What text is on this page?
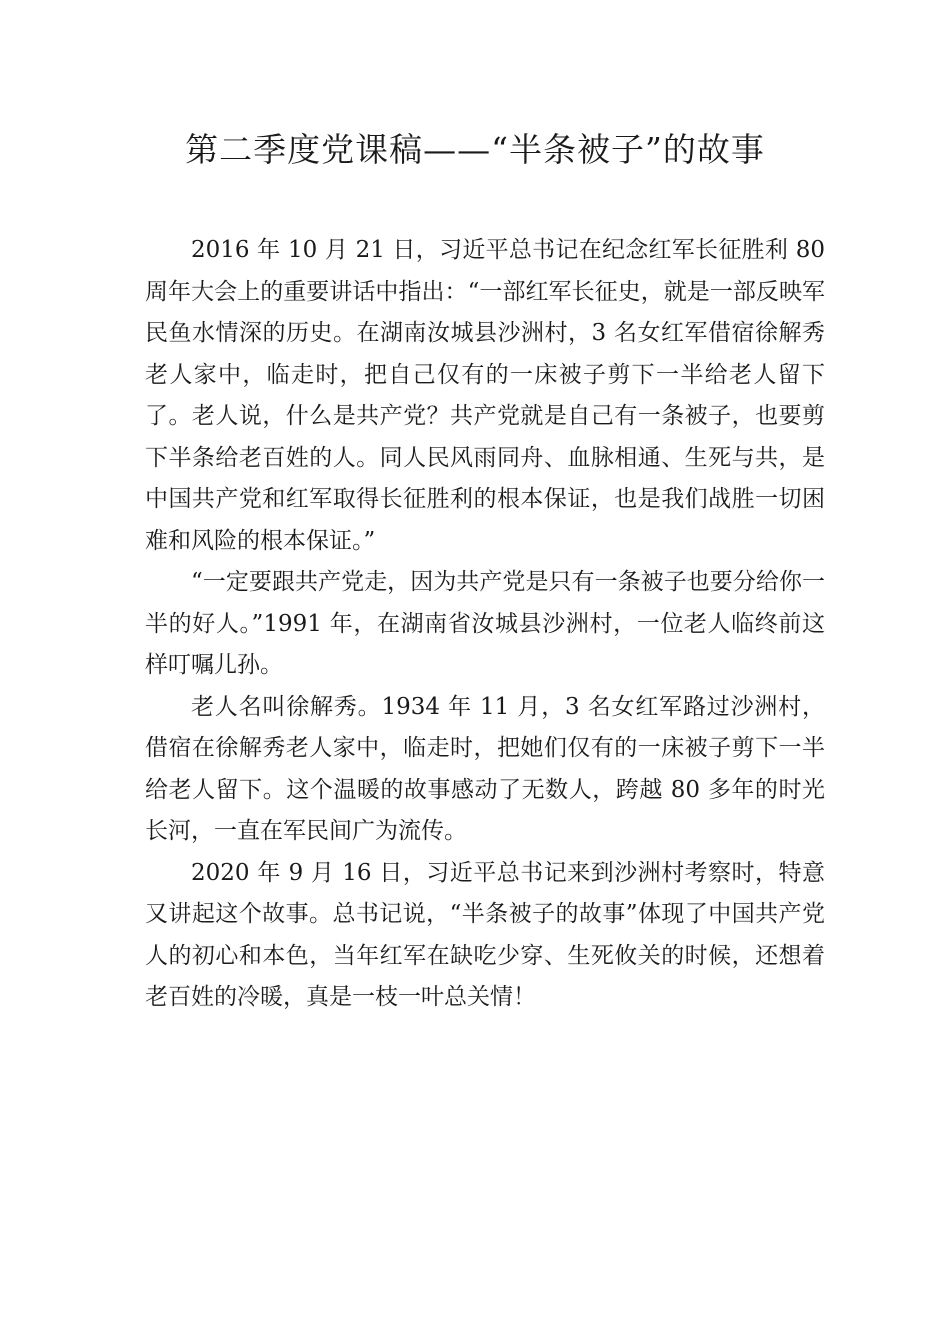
第二季度党课稿——“半条被子”的故事

2016 年 10 月 21 日，习近平总书记在纪念红军长征胜利 80 周年大会上的重要讲话中指出：“一部红军长征史，就是一部反映军民鱼水情深的历史。在湖南汝城县沙洲村，3 名女红军借宿徐解秀老人家中，临走时，把自己仅有的一床被子剪下一半给老人留下了。老人说，什么是共产党？共产党就是自己有一条被子，也要剪下半条给老百姓的人。同人民风雨同舟、血脉相通、生死与共，是中国共产党和红军取得长征胜利的根本保证，也是我们战胜一切困难和风险的根本保证。”

“一定要跟共产党走，因为共产党是只有一条被子也要分给你一半的好人。”1991 年，在湖南省汝城县沙洲村，一位老人临终前这样叮嘱儿孙。

老人名叫徐解秀。1934 年 11 月，3 名女红军路过沙洲村，借宿在徐解秀老人家中，临走时，把她们仅有的一床被子剪下一半给老人留下。这个温暖的故事感动了无数人，跨越 80 多年的时光长河，一直在军民间广为流传。

2020 年 9 月 16 日，习近平总书记来到沙洲村考察时，特意又讲起这个故事。总书记说，“半条被子的故事”体现了中国共产党人的初心和本色，当年红军在缺吃少穿、生死攸关的时候，还想着老百姓的冷暖，真是一枝一叶总关情！
